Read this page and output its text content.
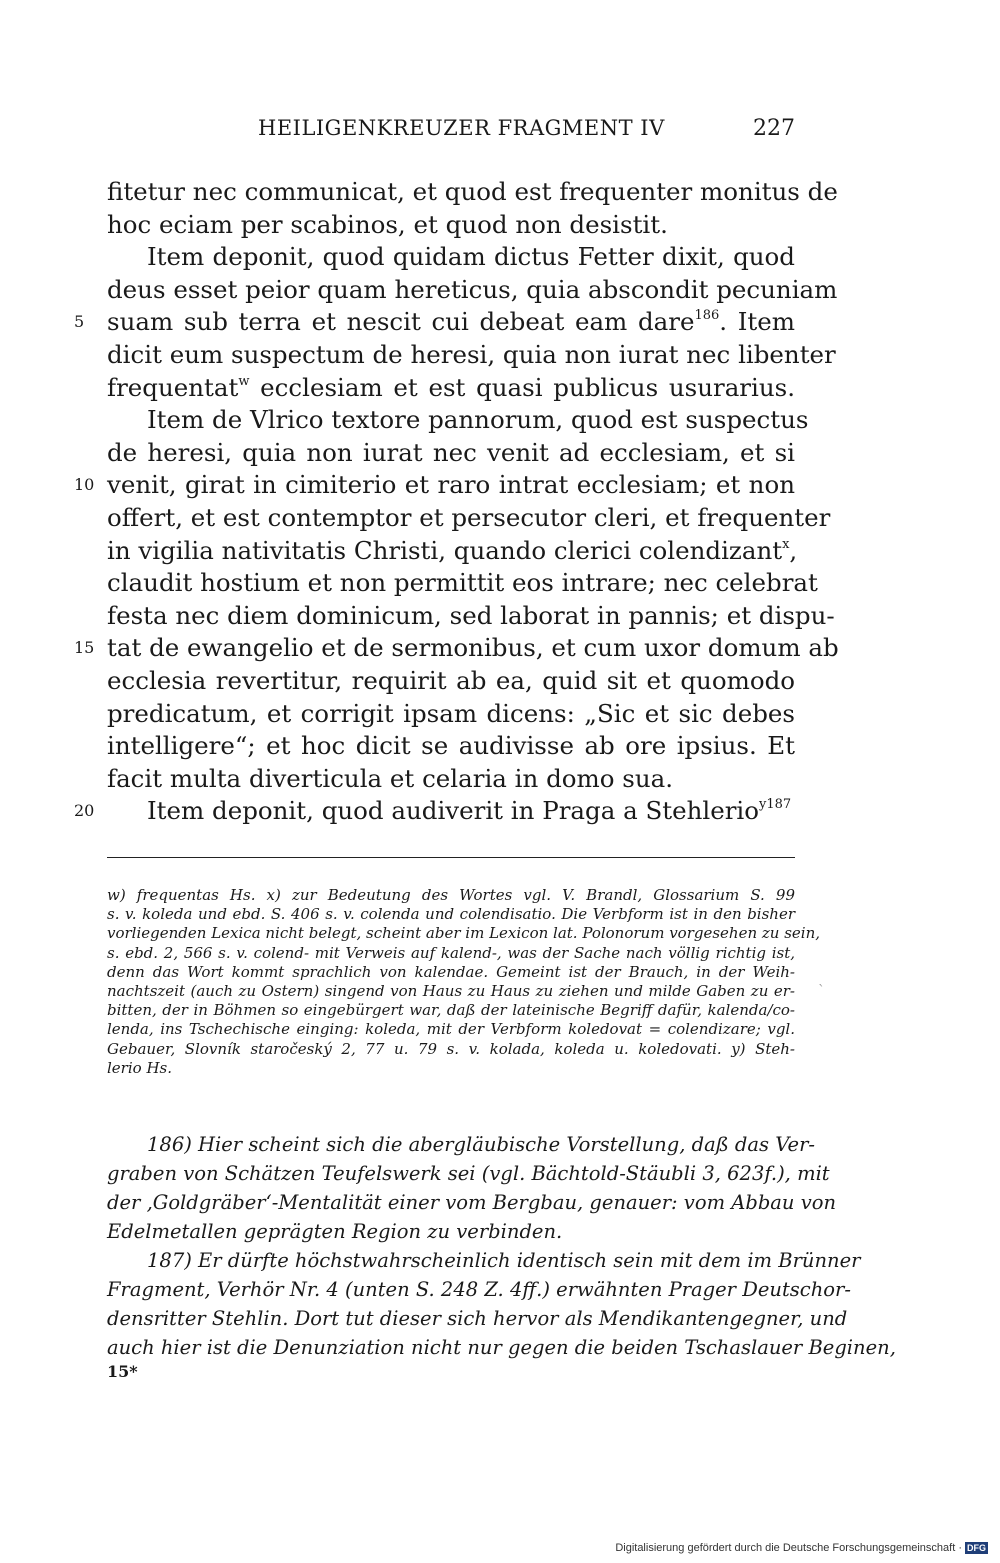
HEILIGENKREUZER FRAGMENT IV	227
fitetur nec communicat, et quod est frequenter monitus de
hoc eciam per scabinos, et quod non desistit.
Item deponit, quod quidam dictus Fetter dixit, quod
deus esset peior quam hereticus, quia abscondit pecuniam
5 suam sub terra et nescit cui debeat eam dare$^{186}$. Item
dicit eum suspectum de heresi, quia non iurat nec libenter
frequentat$^w$ ecclesiam et est quasi publicus usurarius.
Item de Vlrico textore pannorum, quod est suspectus
de heresi, quia non iurat nec venit ad ecclesiam, et si
10 venit, girat in cimiterio et raro intrat ecclesiam; et non
offert, et est contemptor et persecutor cleri, et frequenter
in vigilia nativitatis Christi, quando clerici colendizant$^x$,
claudit hostium et non permittit eos intrare; nec celebrat
festa nec diem dominicum, sed laborat in pannis; et dispu-
15 tat de ewangelio et de sermonibus, et cum uxor domum ab
ecclesia revertitur, requirit ab ea, quid sit et quomodo
predicatum, et corrigit ipsam dicens: „Sic et sic debes
intelligere“; et hoc dicit se audivisse ab ore ipsius. Et
facit multa diverticula et celaria in domo sua.
20 Item deponit, quod audiverit in Praga a Stehlerio$^{y187}$
w) frequentas Hs. x) zur Bedeutung des Wortes vgl. V. Brandl, Glossarium S. 99
s. v. koleda und ebd. S. 406 s. v. colenda und colendisatio. Die Verbform ist in den bisher
vorliegenden Lexica nicht belegt, scheint aber im Lexicon lat. Polonorum vorgesehen zu sein,
s. ebd. 2, 566 s. v. colend- mit Verweis auf kalend-, was der Sache nach völlig richtig ist,
denn das Wort kommt sprachlich von kalendae. Gemeint ist der Brauch, in der Weih-
nachtszeit (auch zu Ostern) singend von Haus zu Haus zu ziehen und milde Gaben zu er-
bitten, der in Böhmen so eingebürgert war, daß der lateinische Begriff dafür, kalenda/co-
lenda, ins Tschechische einging: koleda, mit der Verbform koledovat = colendizare; vgl.
Gebauer, Slovník staročeský 2, 77 u. 79 s. v. kolada, koleda u. koledovati. y) Steh-
lerio Hs.
186) Hier scheint sich die abergläubische Vorstellung, daß das Ver-
graben von Schätzen Teufelswerk sei (vgl. Bächtold-Stäubli 3, 623f.), mit
der ‚Goldgräber‘-Mentalität einer vom Bergbau, genauer: vom Abbau von
Edelmetallen geprägten Region zu verbinden.
187) Er dürfte höchstwahrscheinlich identisch sein mit dem im Brünner
Fragment, Verhör Nr. 4 (unten S. 248 Z. 4ff.) erwähnten Prager Deutschor-
densritter Stehlin. Dort tut dieser sich hervor als Mendikantengegner, und
auch hier ist die Denunziation nicht nur gegen die beiden Tschaslauer Beginen,
15*
`
Digitalisierung gefördert durch die Deutsche Forschungsgemeinschaft · DFG
